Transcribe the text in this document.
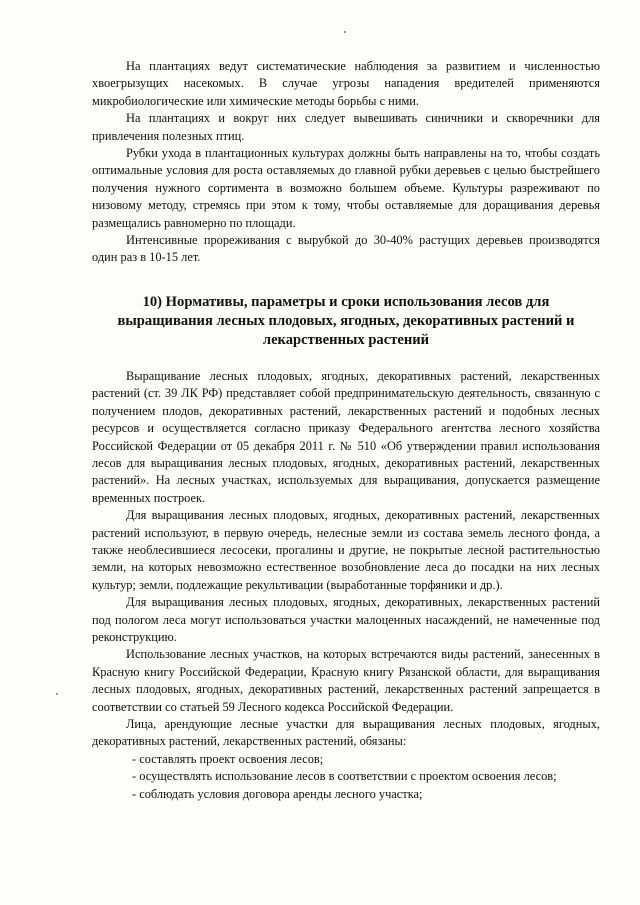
На плантациях ведут систематические наблюдения за развитием и численностью хвоегрызущих насекомых. В случае угрозы нападения вредителей применяются микробиологические или химические методы борьбы с ними.

На плантациях и вокруг них следует вывешивать синичники и скворечники для привлечения полезных птиц.

Рубки ухода в плантационных культурах должны быть направлены на то, чтобы создать оптимальные условия для роста оставляемых до главной рубки деревьев с целью быстрейшего получения нужного сортимента в возможно большем объеме. Культуры разреживают по низовому методу, стремясь при этом к тому, чтобы оставляемые для доращивания деревья размещались равномерно по площади.

Интенсивные прореживания с вырубкой до 30-40% растущих деревьев производятся один раз в 10-15 лет.

10) Нормативы, параметры и сроки использования лесов для
выращивания лесных плодовых, ягодных, декоративных растений и
лекарственных растений

Выращивание лесных плодовых, ягодных, декоративных растений, лекарственных растений (ст. 39 ЛК РФ) представляет собой предпринимательскую деятельность, связанную с получением плодов, декоративных растений, лекарственных растений и подобных лесных ресурсов и осуществляется согласно приказу Федерального агентства лесного хозяйства Российской Федерации от 05 декабря 2011 г. № 510 «Об утверждении правил использования лесов для выращивания лесных плодовых, ягодных, декоративных растений, лекарственных растений». На лесных участках, используемых для выращивания, допускается размещение временных построек.

Для выращивания лесных плодовых, ягодных, декоративных растений, лекарственных растений используют, в первую очередь, нелесные земли из состава земель лесного фонда, а также необлесившиеся лесосеки, прогалины и другие, не покрытые лесной растительностью земли, на которых невозможно естественное возобновление леса до посадки на них лесных культур; земли, подлежащие рекультивации (выработанные торфяники и др.).

Для выращивания лесных плодовых, ягодных, декоративных, лекарственных растений под пологом леса могут использоваться участки малоценных насаждений, не намеченные под реконструкцию.

Использование лесных участков, на которых встречаются виды растений, занесенных в Красную книгу Российской Федерации, Красную книгу Рязанской области, для выращивания лесных плодовых, ягодных, декоративных растений, лекарственных растений запрещается в соответствии со статьей 59 Лесного кодекса Российской Федерации.

Лица, арендующие лесные участки для выращивания лесных плодовых, ягодных, декоративных растений, лекарственных растений, обязаны:

- составлять проект освоения лесов;
- осуществлять использование лесов в соответствии с проектом освоения лесов;
- соблюдать условия договора аренды лесного участка;
